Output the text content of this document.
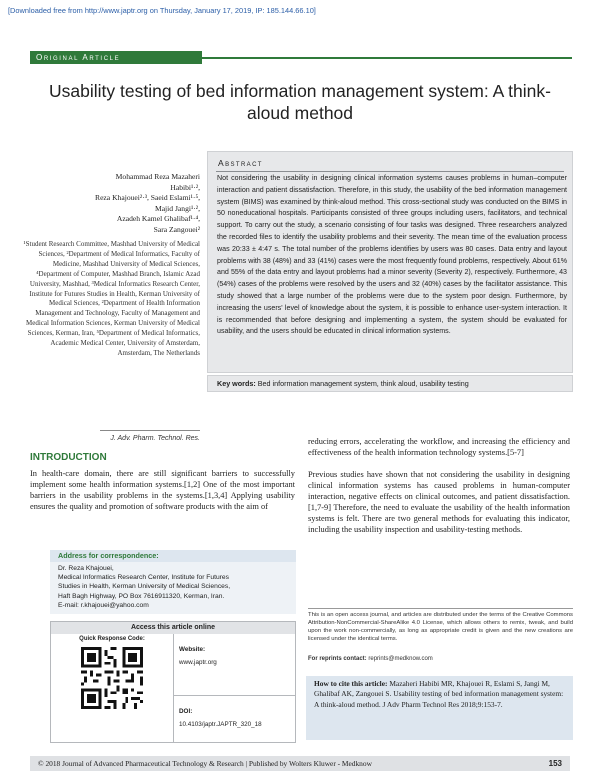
[Downloaded free from http://www.japtr.org on Thursday, January 17, 2019, IP: 185.144.66.10]
Original Article
Usability testing of bed information management system: A think-aloud method
Mohammad Reza Mazaheri
Habibi¹·²,
Reza Khajouei²·³, Saeid Eslami¹·⁵,
Majid Jangi¹·²,
Azadeh Kamel Ghalibaf¹·⁴,
Sara Zangouei²
¹Student Research Committee, Mashhad University of Medical Sciences, ²Department of Medical Informatics, Faculty of Medicine, Mashhad University of Medical Sciences, ⁴Department of Computer, Mashhad Branch, Islamic Azad University, Mashhad, ³Medical Informatics Research Center, Institute for Futures Studies in Health, Kerman University of Medical Sciences, ²Department of Health Information Management and Technology, Faculty of Management and Medical Information Sciences, Kerman University of Medical Sciences, Kerman, Iran, ⁵Department of Medical Informatics, Academic Medical Center, University of Amsterdam, Amsterdam, The Netherlands
J. Adv. Pharm. Technol. Res.
Abstract
Not considering the usability in designing clinical information systems causes problems in human–computer interaction and patient dissatisfaction. Therefore, in this study, the usability of the bed information management system (BIMS) was examined by think‑aloud method. This cross‑sectional study was conducted on the BIMS in 50 noneducational hospitals. Participants consisted of three groups including users, facilitators, and technical support. To carry out the study, a scenario consisting of four tasks was designed. Three researchers analyzed the recorded files to identify the usability problems and their severity. The mean time of the evaluation process was 20:33 ± 4:47 s. The total number of the problems identifies by users was 80 cases. Data entry and layout problems with 38 (48%) and 33 (41%) cases were the most frequently found problems, respectively. About 61% and 55% of the data entry and layout problems had a minor severity (Severity 2), respectively. Furthermore, 43 (54%) cases of the problems were resolved by the users and 32 (40%) cases by the facilitator assistance. This study showed that a large number of the problems were due to the system poor design. Furthermore, by increasing the users' level of knowledge about the system, it is possible to enhance user‑system interaction. It is recommended that before designing and implementing a system, the system should be evaluated for usability, and the users should be educated in clinical information systems.
Key words: Bed information management system, think aloud, usability testing
INTRODUCTION
In health‑care domain, there are still significant barriers to successfully implement some health information systems.[1,2] One of the most important barriers in the usability problems in the systems.[1,3,4] Applying usability ensures the quality and promotion of software products with the aim of

reducing errors, accelerating the workflow, and increasing the efficiency and effectiveness of the health information technology systems.[5-7]

Previous studies have shown that not considering the usability in designing clinical information systems has caused problems in human‑computer interaction, negative effects on clinical outcomes, and patient dissatisfaction.[1,7-9] Therefore, the need to evaluate the usability of the health information systems is felt. There are two general methods for evaluating this indicator, including the usability inspection and usability‑testing methods.

Address for correspondence:
Dr. Reza Khajouei,
Medical Informatics Research Center, Institute for Futures
Studies in Health, Kerman University of Medical Sciences,
Haft Bagh Highway, PO Box 7616911320, Kerman, Iran.
E-mail: r.khajouei@yahoo.com
Access this article online
Quick Response Code:
Website:
www.japtr.org
DOI:
10.4103/japtr.JAPTR_320_18
This is an open access journal, and articles are distributed under the terms of the Creative Commons Attribution-NonCommercial-ShareAlike 4.0 License, which allows others to remix, tweak, and build upon the work non-commercially, as long as appropriate credit is given and the new creations are licensed under the identical terms.
For reprints contact: reprints@medknow.com
How to cite this article: Mazaheri Habibi MR, Khajouei R, Eslami S, Jangi M, Ghalibaf AK, Zangouei S. Usability testing of bed information management system: A think-aloud method. J Adv Pharm Technol Res 2018;9:153-7.
© 2018 Journal of Advanced Pharmaceutical Technology & Research | Published by Wolters Kluwer - Medknow	153
